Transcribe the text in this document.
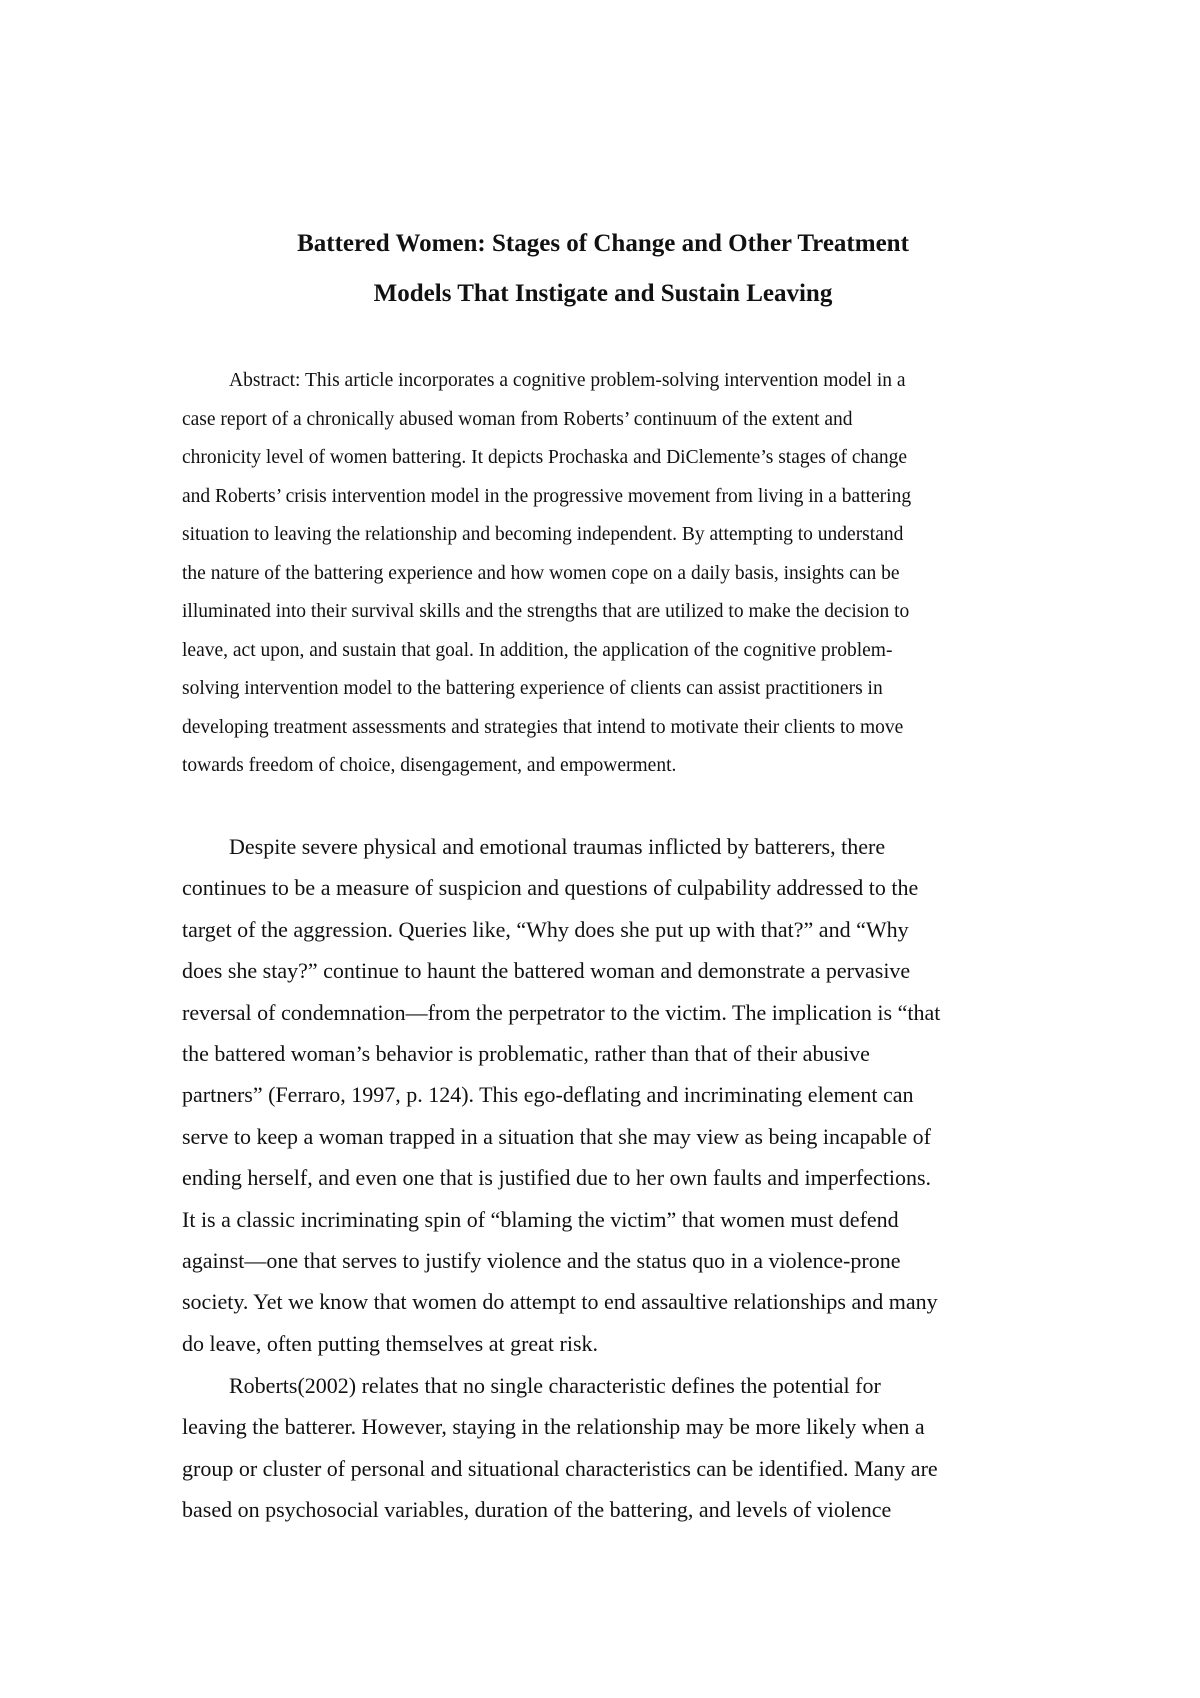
Battered Women: Stages of Change and Other Treatment
Models That Instigate and Sustain Leaving

Abstract: This article incorporates a cognitive problem-solving intervention model in a
case report of a chronically abused woman from Roberts’ continuum of the extent and
chronicity level of women battering. It depicts Prochaska and DiClemente’s stages of change
and Roberts’ crisis intervention model in the progressive movement from living in a battering
situation to leaving the relationship and becoming independent. By attempting to understand
the nature of the battering experience and how women cope on a daily basis, insights can be
illuminated into their survival skills and the strengths that are utilized to make the decision to
leave, act upon, and sustain that goal. In addition, the application of the cognitive problem-
solving intervention model to the battering experience of clients can assist practitioners in
developing treatment assessments and strategies that intend to motivate their clients to move
towards freedom of choice, disengagement, and empowerment.

Despite severe physical and emotional traumas inflicted by batterers, there
continues to be a measure of suspicion and questions of culpability addressed to the
target of the aggression. Queries like, “Why does she put up with that?” and “Why
does she stay?” continue to haunt the battered woman and demonstrate a pervasive
reversal of condemnation—from the perpetrator to the victim. The implication is “that
the battered woman’s behavior is problematic, rather than that of their abusive
partners” (Ferraro, 1997, p. 124). This ego-deflating and incriminating element can
serve to keep a woman trapped in a situation that she may view as being incapable of
ending herself, and even one that is justified due to her own faults and imperfections.
It is a classic incriminating spin of “blaming the victim” that women must defend
against—one that serves to justify violence and the status quo in a violence-prone
society. Yet we know that women do attempt to end assaultive relationships and many
do leave, often putting themselves at great risk.

Roberts(2002) relates that no single characteristic defines the potential for
leaving the batterer. However, staying in the relationship may be more likely when a
group or cluster of personal and situational characteristics can be identified. Many are
based on psychosocial variables, duration of the battering, and levels of violence
